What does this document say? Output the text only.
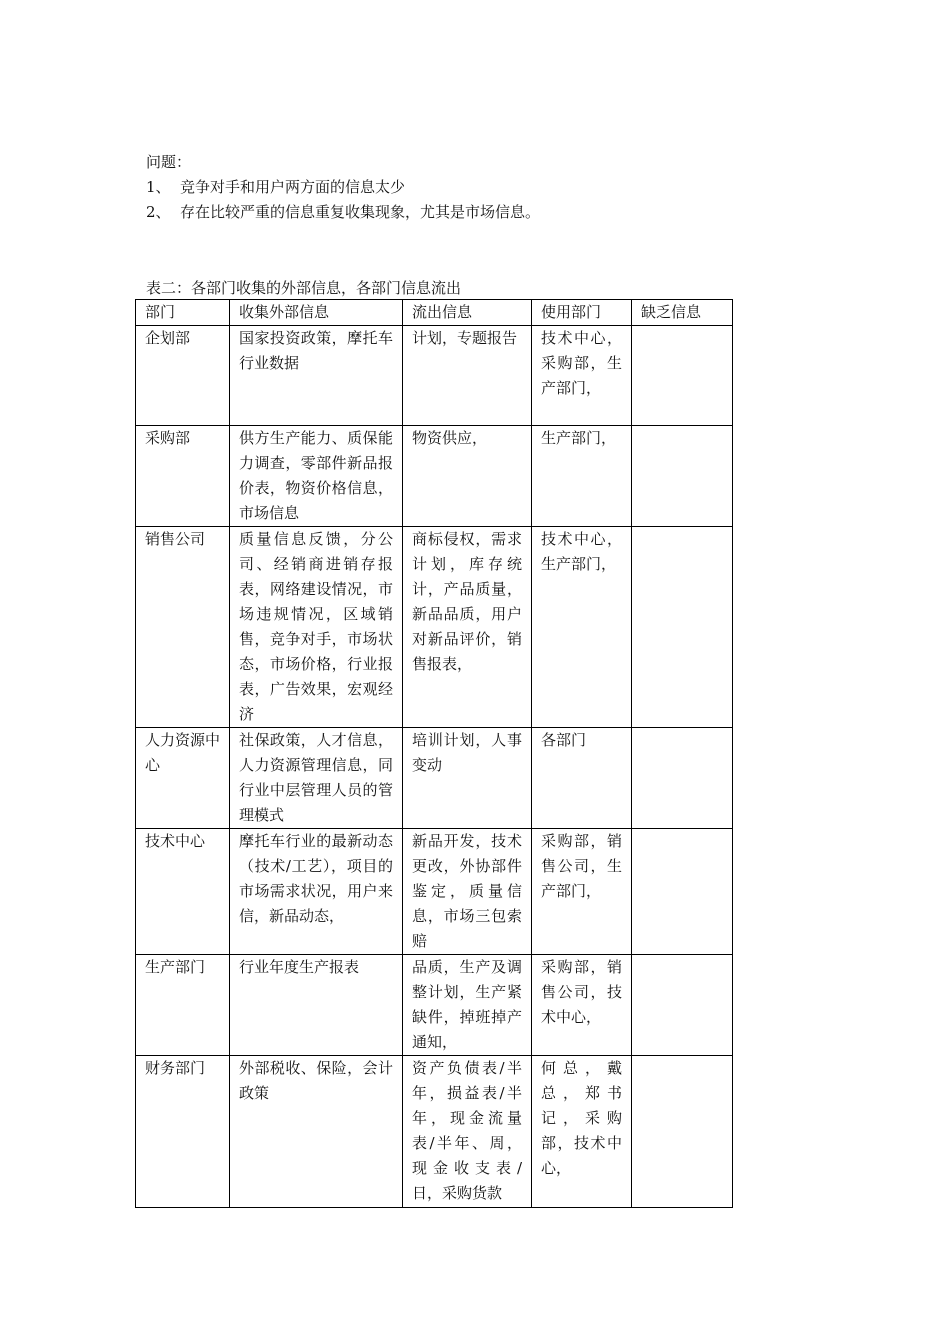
问题：
1、 竞争对手和用户两方面的信息太少
2、 存在比较严重的信息重复收集现象，尤其是市场信息。
表二：各部门收集的外部信息，各部门信息流出
部门	收集外部信息	流出信息	使用部门	缺乏信息
企划部	国家投资政策，摩托车行业数据	计划，专题报告	技术中心，采购部，生产部门，	
采购部	供方生产能力、质保能力调查，零部件新品报价表，物资价格信息，市场信息	物资供应，	生产部门，	
销售公司	质量信息反馈，分公司、经销商进销存报表，网络建设情况，市场违规情况，区域销售，竞争对手，市场状态，市场价格，行业报表，广告效果，宏观经济	商标侵权，需求计划，库存统计，产品质量，新品品质，用户对新品评价，销售报表，	技术中心，生产部门，	
人力资源中心	社保政策，人才信息，人力资源管理信息，同行业中层管理人员的管理模式	培训计划，人事变动	各部门	
技术中心	摩托车行业的最新动态（技术/工艺），项目的市场需求状况，用户来信，新品动态，	新品开发，技术更改，外协部件鉴定，质量信息，市场三包索赔	采购部，销售公司，生产部门，	
生产部门	行业年度生产报表	品质，生产及调整计划，生产紧缺件，掉班掉产通知，	采购部，销售公司，技术中心，	
财务部门	外部税收、保险，会计政策	资产负债表/半年，损益表/半年，现金流量表/半年、周，现金收支表/日，采购货款	何总，戴总，郑书记，采购部，技术中心，	
